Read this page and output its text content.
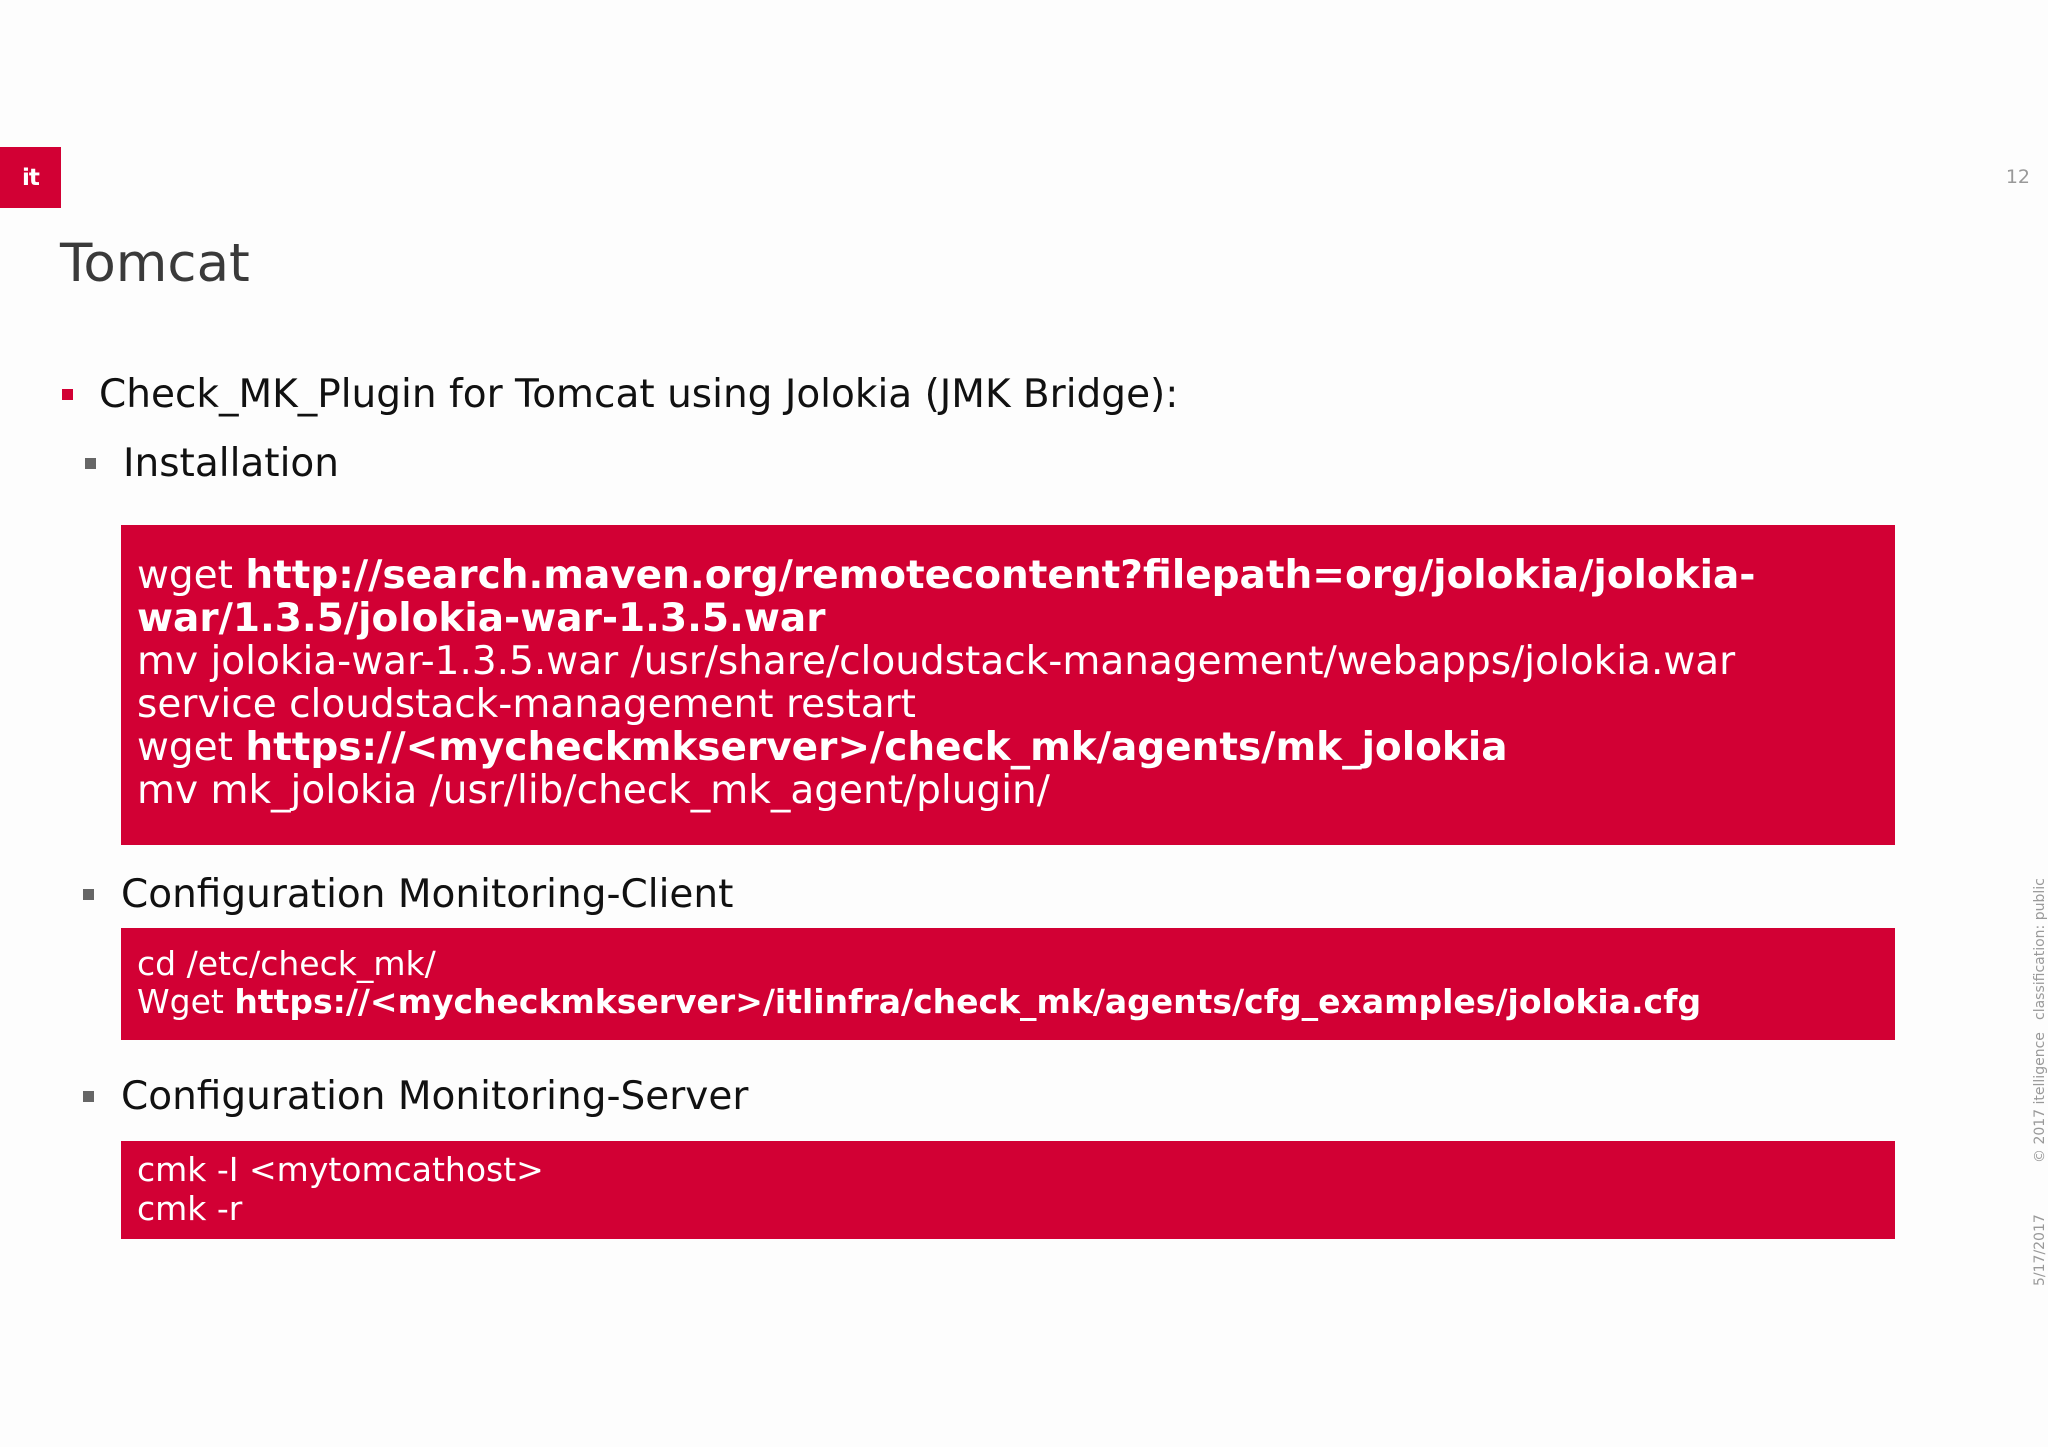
it	12
Tomcat
Check_MK_Plugin for Tomcat using Jolokia (JMK Bridge):
Installation
wget http://search.maven.org/remotecontent?filepath=org/jolokia/jolokia-
war/1.3.5/jolokia-war-1.3.5.war
mv jolokia-war-1.3.5.war /usr/share/cloudstack-management/webapps/jolokia.war
service cloudstack-management restart
wget https://<mycheckmkserver>/check_mk/agents/mk_jolokia
mv mk_jolokia /usr/lib/check_mk_agent/plugin/
Configuration Monitoring-Client
cd /etc/check_mk/
Wget https://<mycheckmkserver>/itlinfra/check_mk/agents/cfg_examples/jolokia.cfg
Configuration Monitoring-Server
cmk -I <mytomcathost>
cmk -r
classification: public
© 2017 itelligence
5/17/2017
